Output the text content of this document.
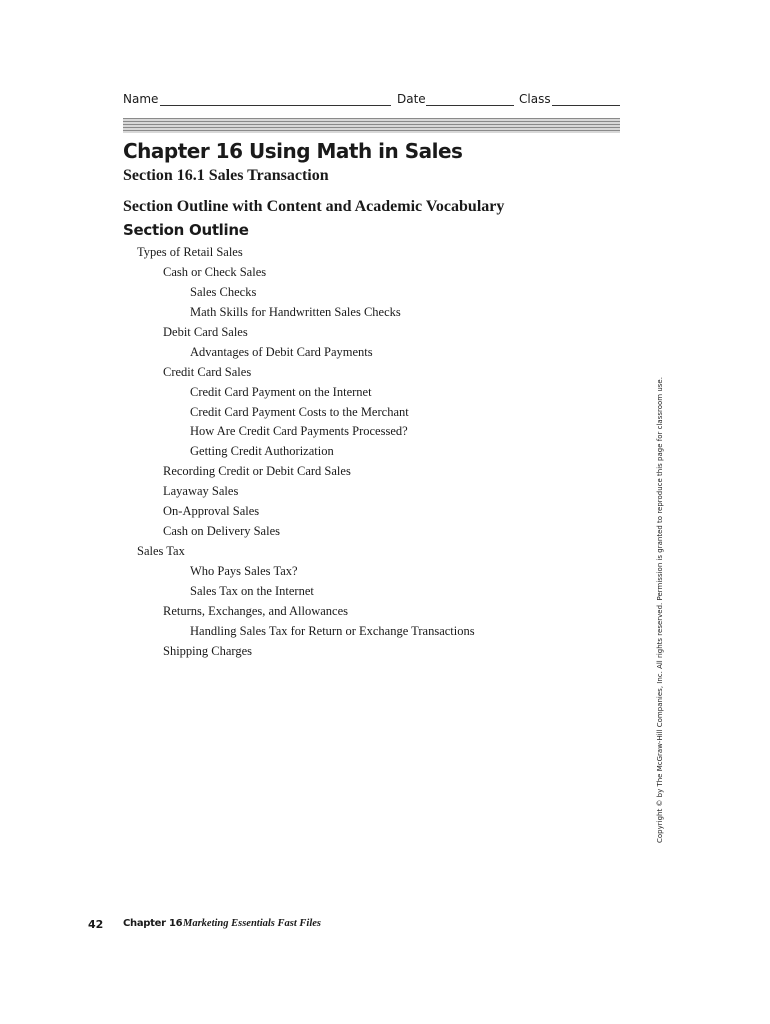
Name	Date	Class
Chapter 16 Using Math in Sales
Section 16.1 Sales Transaction
Section Outline with Content and Academic Vocabulary
Section Outline
Types of Retail Sales
Cash or Check Sales
Sales Checks
Math Skills for Handwritten Sales Checks
Debit Card Sales
Advantages of Debit Card Payments
Credit Card Sales
Credit Card Payment on the Internet
Credit Card Payment Costs to the Merchant
How Are Credit Card Payments Processed?
Getting Credit Authorization
Recording Credit or Debit Card Sales
Layaway Sales
On-Approval Sales
Cash on Delivery Sales
Sales Tax
Who Pays Sales Tax?
Sales Tax on the Internet
Returns, Exchanges, and Allowances
Handling Sales Tax for Return or Exchange Transactions
Shipping Charges	Copyright © by The McGraw-Hill Companies, Inc. All rights reserved. Permission is granted to reproduce this page for classroom use.
42 Chapter 16 Marketing Essentials Fast Files
